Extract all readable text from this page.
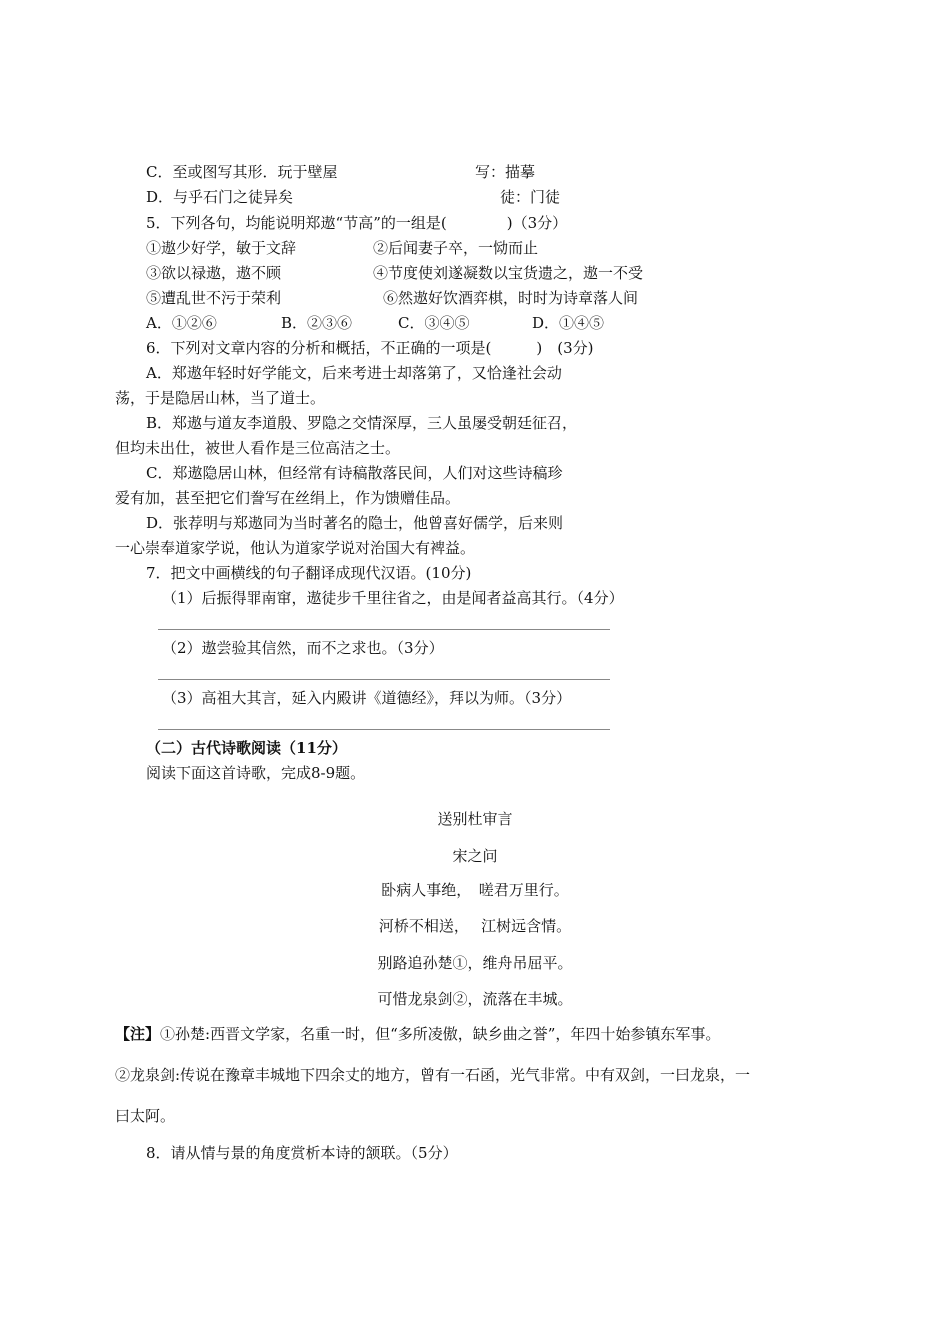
C．至或图写其形．玩于壁屋	写：描摹
D．与乎石门之徒异矣	徒：门徒
5．下列各句，均能说明郑遨“节高”的一组是(　　　　)（3分）
①遨少好学，敏于文辞	②后闻妻子卒，一恸而止
③欲以禄遨，遨不顾	④节度使刘遂凝数以宝货遗之，遨一不受
⑤遭乱世不污于荣利	⑥然遨好饮酒弈棋，时时为诗章落人间
A．①②⑥	B．②③⑥	C．③④⑤	D．①④⑤
6．下列对文章内容的分析和概括，不正确的一项是(　　　)　(3分)
A．郑遨年轻时好学能文，后来考进士却落第了，又恰逢社会动
荡，于是隐居山林，当了道士。
B．郑遨与道友李道殷、罗隐之交情深厚，三人虽屡受朝廷征召，
但均未出仕，被世人看作是三位高洁之士。
C．郑遨隐居山林，但经常有诗稿散落民间，人们对这些诗稿珍
爱有加，甚至把它们誊写在丝绢上，作为馈赠佳品。
D．张荐明与郑遨同为当时著名的隐士，他曾喜好儒学，后来则
一心崇奉道家学说，他认为道家学说对治国大有裨益。
7．把文中画横线的句子翻译成现代汉语。(10分)
（1）后振得罪南窜，遨徒步千里往省之，由是闻者益高其行。（4分）
（2）遨尝验其信然，而不之求也。（3分）
（3）高祖大其言，延入内殿讲《道德经》，拜以为师。（3分）
（二）古代诗歌阅读（11分）
阅读下面这首诗歌，完成8-9题。
送别杜审言
宋之问
卧病人事绝，　嗟君万里行。
河桥不相送，　 江树远含情。
别路追孙楚①，维舟吊屈平。
可惜龙泉剑②，流落在丰城。
【注】①孙楚:西晋文学家，名重一时，但“多所凌傲，缺乡曲之誉”，年四十始参镇东军事。
②龙泉剑:传说在豫章丰城地下四余丈的地方，曾有一石函，光气非常。中有双剑，一曰龙泉，一
曰太阿。
8．请从情与景的角度赏析本诗的颔联。（5分）
